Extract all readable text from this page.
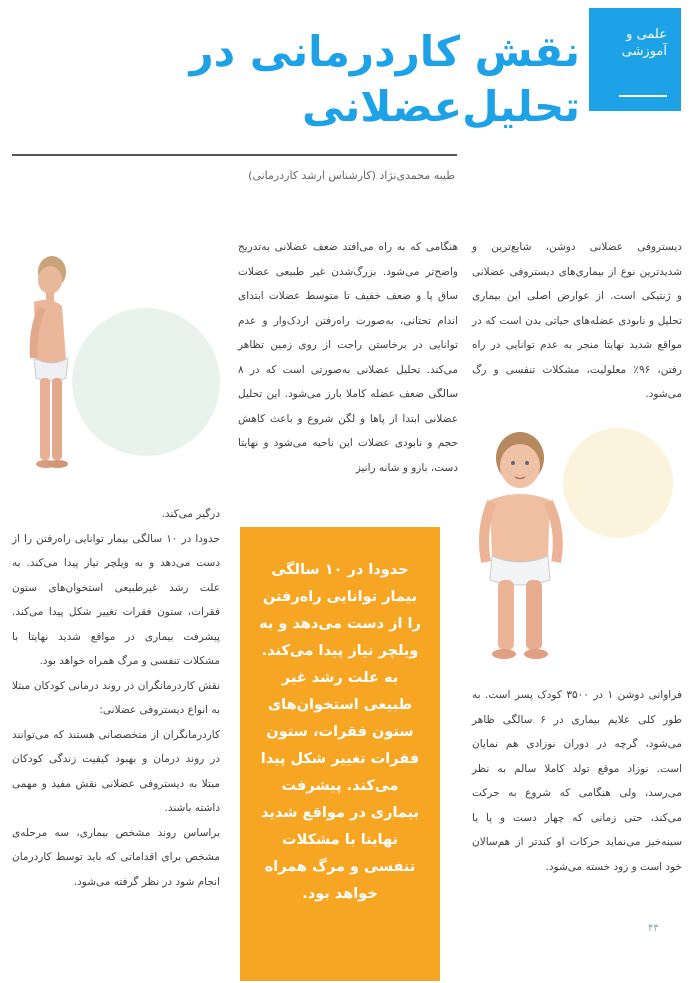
علمی و آموزشی
نقش کاردرمانی در تحلیل‌عضلانی
طیبه محمدی‌نژاد (کارشناس ارشد کاردرمانی)

دیستروفی عضلانی دوشن، شایع‌ترین و شدیدترین نوع از بیماری‌های دیستروفی عضلانی و ژنتیکی است. از عوارض اصلی این بیماری تحلیل و نابودی عضله‌های حیاتی بدن است که در مواقع شدید نهایتا منجر به عدم توانایی در راه رفتن، ۹۶٪ معلولیت، مشکلات تنفسی و رگ می‌شود.

فراوانی دوشن ۱ در ۳۵۰۰ کودک پسر است. به طور کلی علایم بیماری در ۶ سالگی ظاهر می‌شود، گرچه در دوران نوزادی هم نمایان است. نوزاد موقع تولد کاملا سالم به نظر می‌رسد، ولی هنگامی که شروع به حرکت می‌کند، حتی زمانی که چهار دست و پا یا سینه‌خیز می‌نماید حرکات او کندتر از هم‌سالان خود است و زود خسته می‌شود.

هنگامی که به راه می‌افتد ضعف عضلانی به‌تدریج واضح‌تر می‌شود. بزرگ‌شدن غیر طبیعی عضلات ساق پا و ضعف خفیف تا متوسط عضلات ابتدای اندام تحتانی، به‌صورت راه‌رفتن اردک‌وار و عدم توانایی در برخاستن راحت از روی زمین تظاهر می‌کند. تحلیل عضلانی به‌صورتی است که در ۸ سالگی ضعف عضله کاملا بارز می‌شود. این تحلیل عضلانی ابتدا از پاها و لگن شروع و باعث کاهش حجم و نابودی عضلات این ناحیه می‌شود و نهایتا دست، بازو و شانه رانیز

درگیر می‌کند.

حدودا در ۱۰ سالگی بیمار توانایی راه‌رفتن را از دست می‌دهد و به ویلچر نیاز پیدا می‌کند. به علت رشد غیرطبیعی استخوان‌های ستون فقرات، ستون فقرات تغییر شکل پیدا می‌کند. پیشرفت بیماری در مواقع شدید نهایتا با مشکلات تنفسی و مرگ همراه خواهد بود.

نقش کاردرمانگران در روند درمانی کودکان مبتلا به انواع دیستروفی عضلانی:

کاردرمانگران از متخصصانی هستند که می‌توانند در روند درمان و بهبود کیفیت زندگی کودکان مبتلا به دیستروفی عضلانی نقش مفید و مهمی داشته باشند.

براساس روند مشخص بیماری، سه مرحله‌ی مشخص برای اقداماتی که باید توسط کاردرمان انجام شود در نظر گرفته می‌شود.

حدودا در ۱۰ سالگی بیمار توانایی راه‌رفتن را از دست می‌دهد و به ویلچر نیاز پیدا می‌کند. به علت رشد غیر طبیعی استخوان‌های ستون فقرات، ستون فقرات تغییر شکل پیدا می‌کند. پیشرفت بیماری در مواقع شدید نهایتا با مشکلات تنفسی و مرگ همراه خواهد بود.
۴۴
